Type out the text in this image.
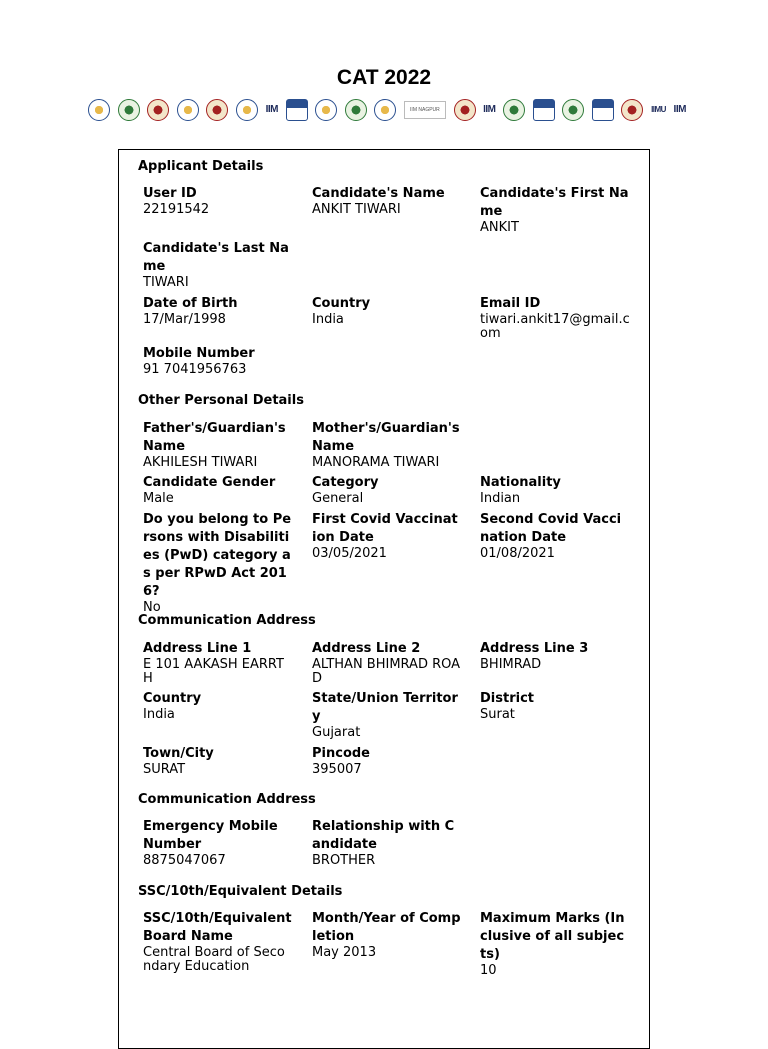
CAT 2022
IIM	IIM NAGPUR	IIM	IIMU IIM
Applicant Details
User ID
22191542
Candidate's Name
ANKIT TIWARI
Candidate's First Name
ANKIT
Candidate's Last Name
TIWARI
Date of Birth
17/Mar/1998
Country
India
Email ID
tiwari.ankit17@gmail.com
Mobile Number
91 7041956763
Other Personal Details
Father's/Guardian's Name
AKHILESH TIWARI
Mother's/Guardian's Name
MANORAMA TIWARI
Candidate Gender
Male
Category
General
Nationality
Indian
Do you belong to Persons with Disabilities (PwD) category as per RPwD Act 2016?
No
First Covid Vaccination Date
03/05/2021
Second Covid Vaccination Date
01/08/2021
Communication Address
Address Line 1
E 101 AAKASH EARRTH
Address Line 2
ALTHAN BHIMRAD ROAD
Address Line 3
BHIMRAD
Country
India
State/Union Territory
Gujarat
District
Surat
Town/City
SURAT
Pincode
395007
Communication Address
Emergency Mobile Number
8875047067
Relationship with Candidate
BROTHER
SSC/10th/Equivalent Details
SSC/10th/Equivalent Board Name
Central Board of Secondary Education
Month/Year of Completion
May 2013
Maximum Marks (Inclusive of all subjects)
10
